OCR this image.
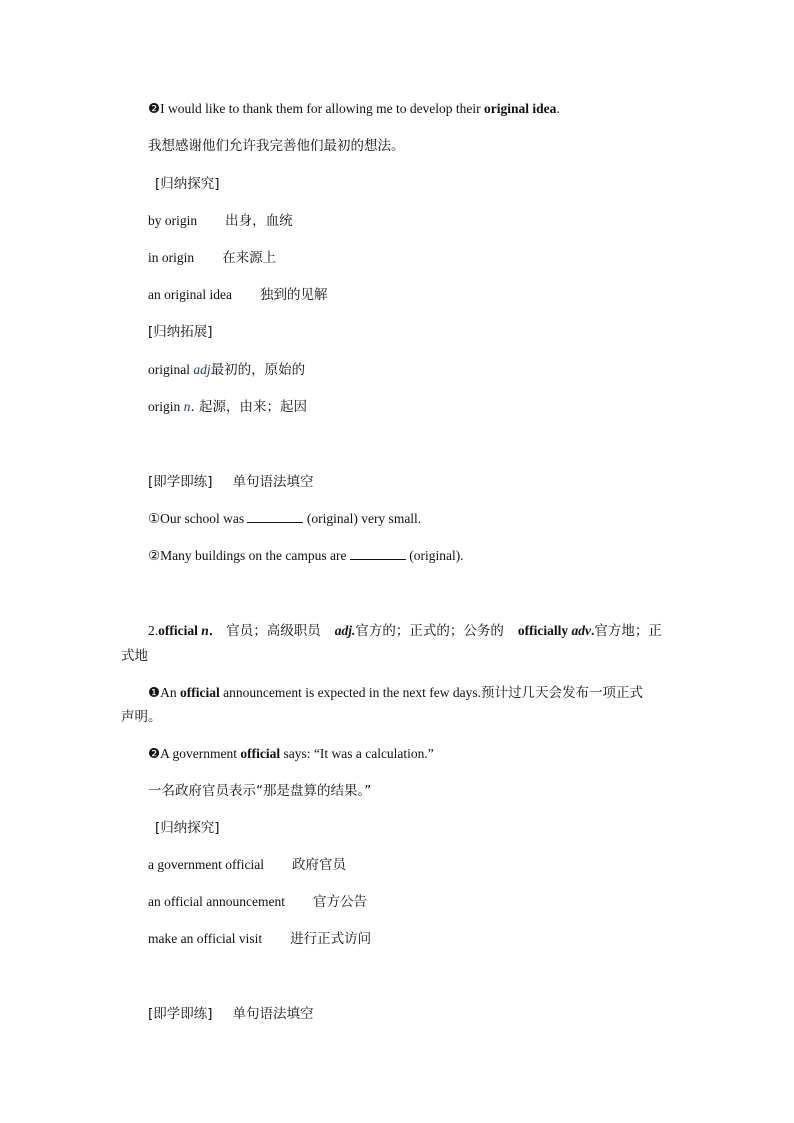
❷I would like to thank them for allowing me to develop their original idea.
我想感谢他们允许我完善他们最初的想法。
[归纳探究]
by origin 出身，血统
in origin 在来源上
an original idea 独到的见解
[归纳拓展]
original adj最初的，原始的
origin n. 起源，由来；起因
[即学即练] 单句语法填空
①Our school was	(original) very small.
②Many buildings on the campus are	(original).
2.official n． 官员；高级职员 adj.官方的；正式的；公务的 officially adv.官方地；正
式地
❶An official announcement is expected in the next few days.预计过几天会发布一项正式
声明。
❷A government official says: “It was a calculation.”
一名政府官员表示“那是盘算的结果。”
[归纳探究]
a government official 政府官员
an official announcement 官方公告
make an official visit 进行正式访问
[即学即练] 单句语法填空
